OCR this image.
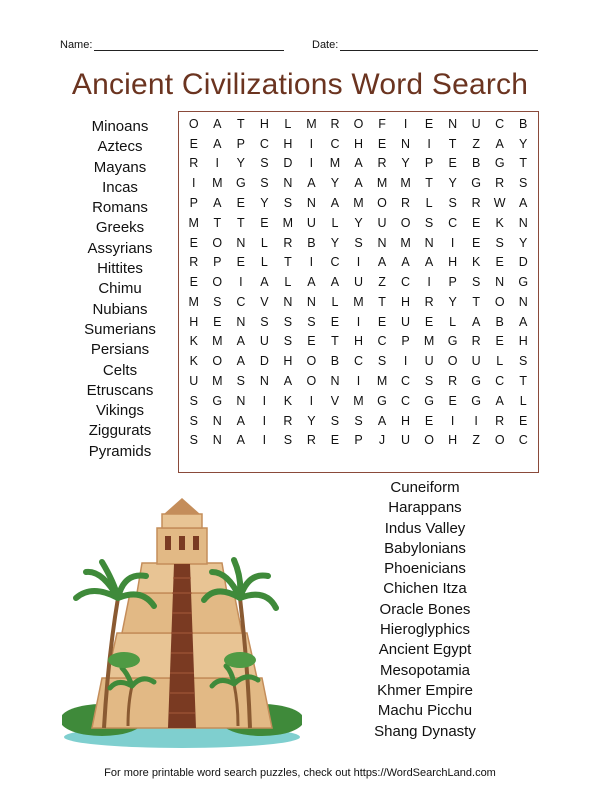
Name:	Date:
Ancient Civilizations Word Search
Minoans
Aztecs
Mayans
Incas
Romans
Greeks
Assyrians
Hittites
Chimu
Nubians
Sumerians
Persians
Celts
Etruscans
Vikings
Ziggurats
Pyramids
O	A	T	H	L	M	R	O	F	I	E	N	U	C	B
E	A	P	C	H	I	C	H	E	N	I	T	Z	A	Y
R	I	Y	S	D	I	M	A	R	Y	P	E	B	G	T
I	M	G	S	N	A	Y	A	M	M	T	Y	G	R	S
P	A	E	Y	S	N	A	M	O	R	L	S	R	W	A
M	T	T	E	M	U	L	Y	U	O	S	C	E	K	N
E	O	N	L	R	B	Y	S	N	M	N	I	E	S	Y
R	P	E	L	T	I	C	I	A	A	A	H	K	E	D
E	O	I	A	L	A	A	U	Z	C	I	P	S	N	G
M	S	C	V	N	N	L	M	T	H	R	Y	T	O	N
H	E	N	S	S	S	E	I	E	U	E	L	A	B	A
K	M	A	U	S	E	T	H	C	P	M	G	R	E	H
K	O	A	D	H	O	B	C	S	I	U	O	U	L	S
U	M	S	N	A	O	N	I	M	C	S	R	G	C	T
S	G	N	I	K	I	V	M	G	C	G	E	G	A	L
S	N	A	I	R	Y	S	S	A	H	E	I	I	R	E
S	N	A	I	S	R	E	P	J	U	O	H	Z	O	C
Cuneiform
Harappans
Indus Valley
Babylonians
Phoenicians
Chichen Itza
Oracle Bones
Hieroglyphics
Ancient Egypt
Mesopotamia
Khmer Empire
Machu Picchu
Shang Dynasty
For more printable word search puzzles, check out https://WordSearchLand.com
